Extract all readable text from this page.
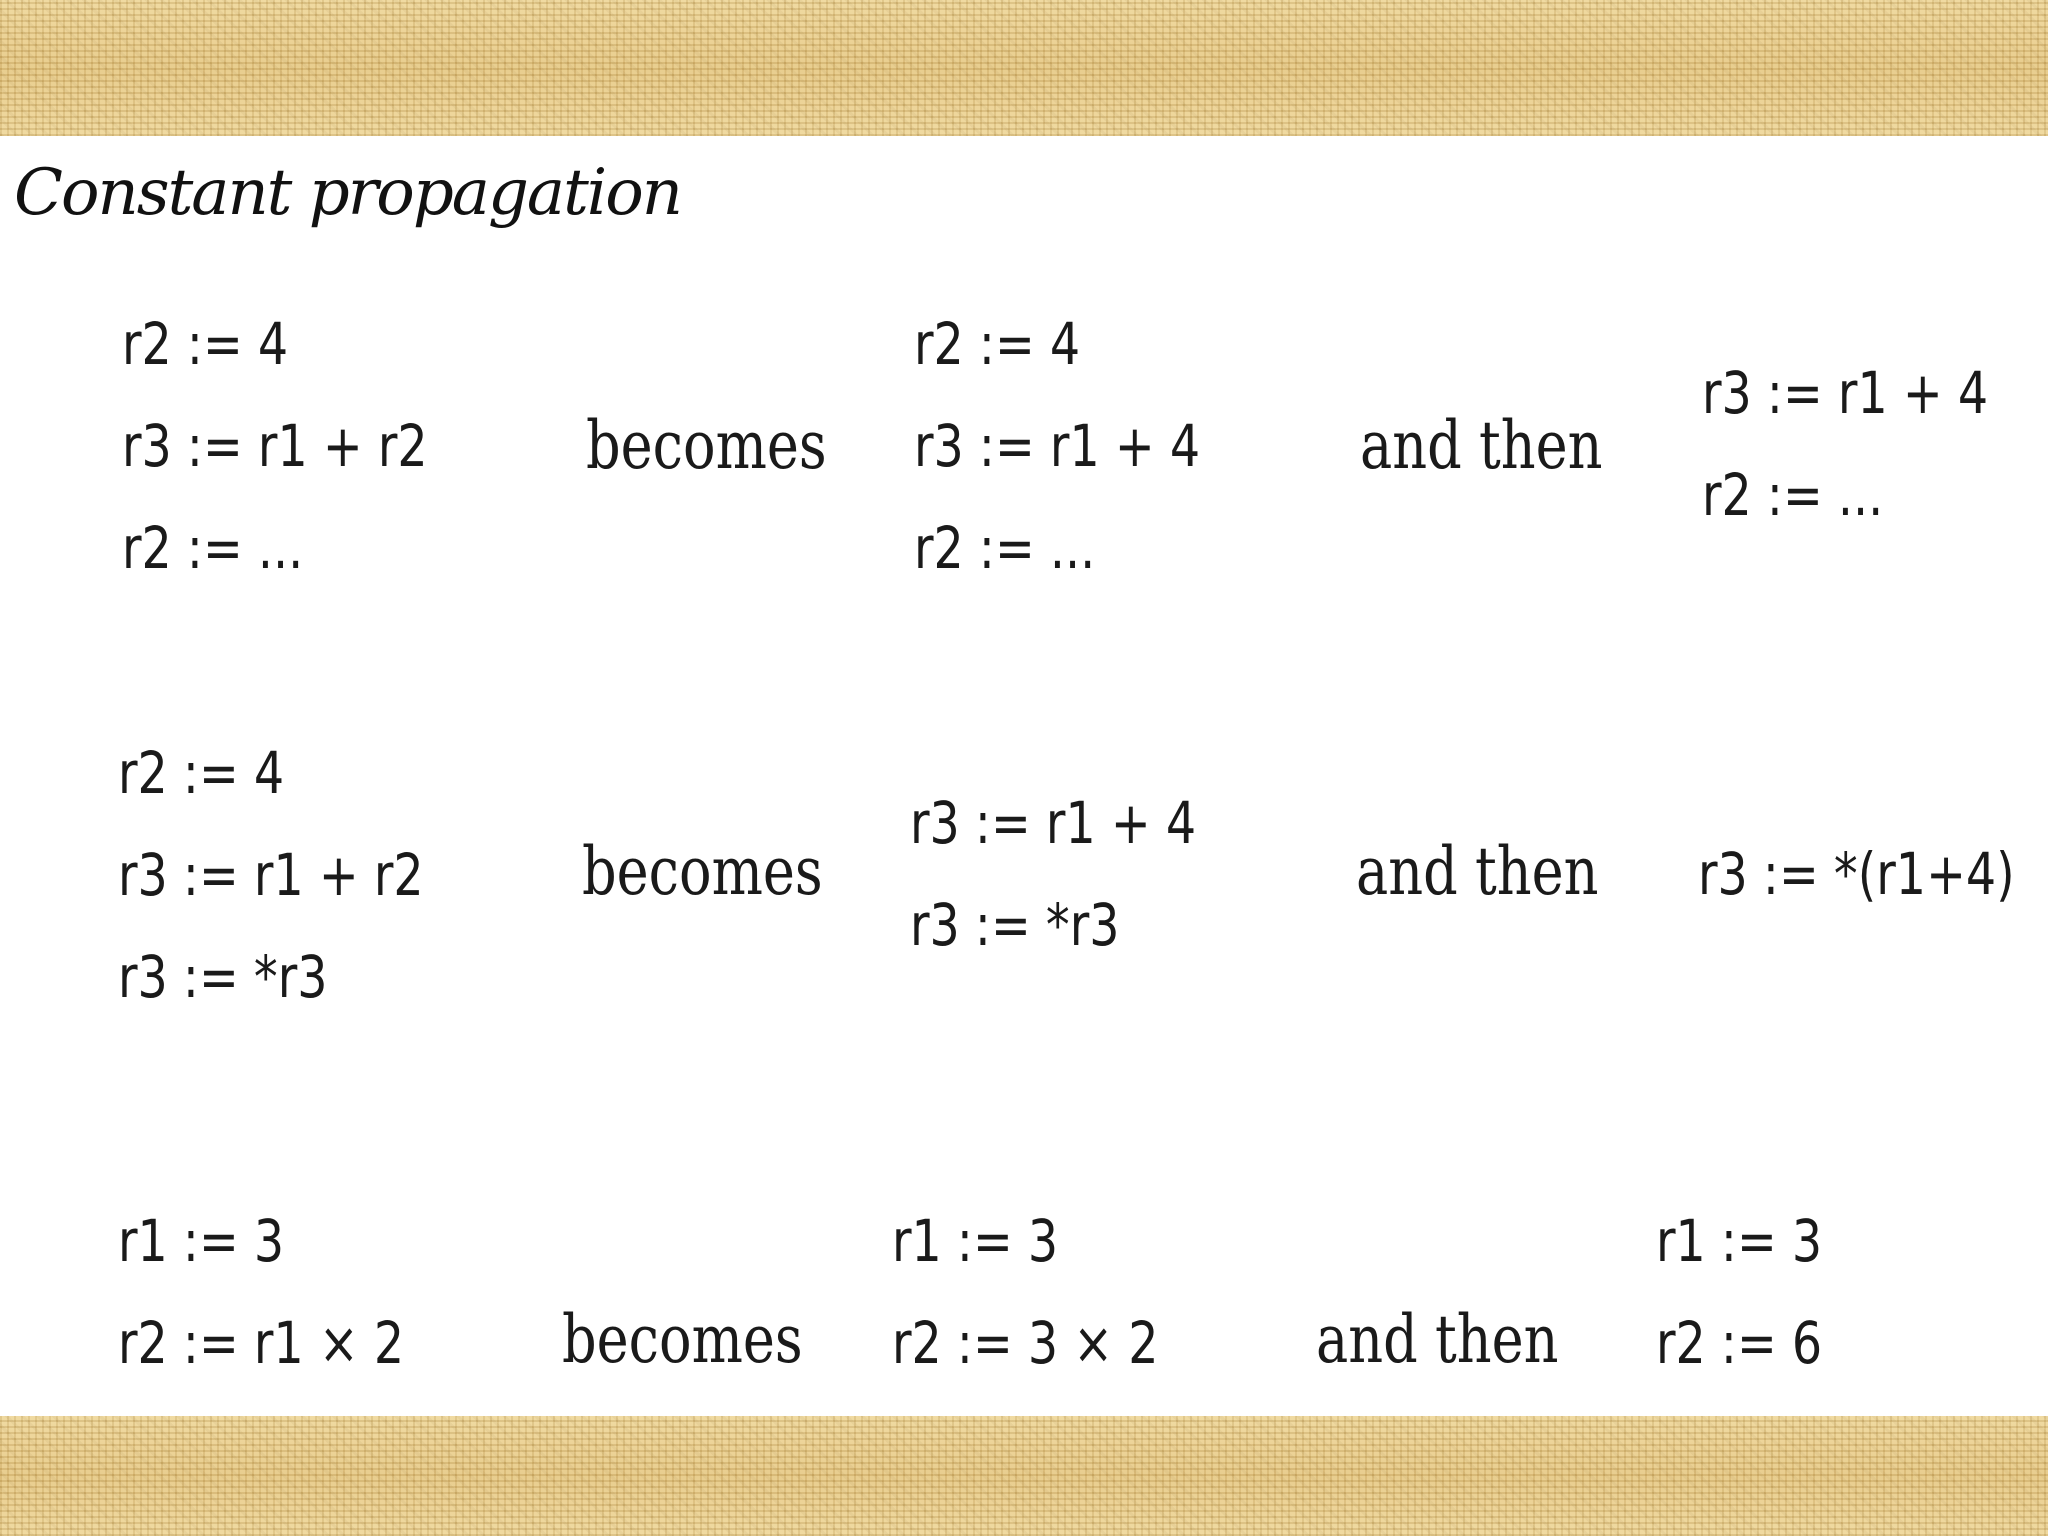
Constant propagation
r2 := 4
r3 := r1 + r2
r2 := ...
becomes
r2 := 4
r3 := r1 + 4
r2 := ...
and then
r3 := r1 + 4
r2 := ...
r2 := 4
r3 := r1 + r2
r3 := *r3
becomes
r3 := r1 + 4
r3 := *r3
and then r3 := *(r1+4)
r1 := 3
r2 := r1 × 2 becomes
r1 := 3
r2 := 3 × 2 and then
r1 := 3
r2 := 6
